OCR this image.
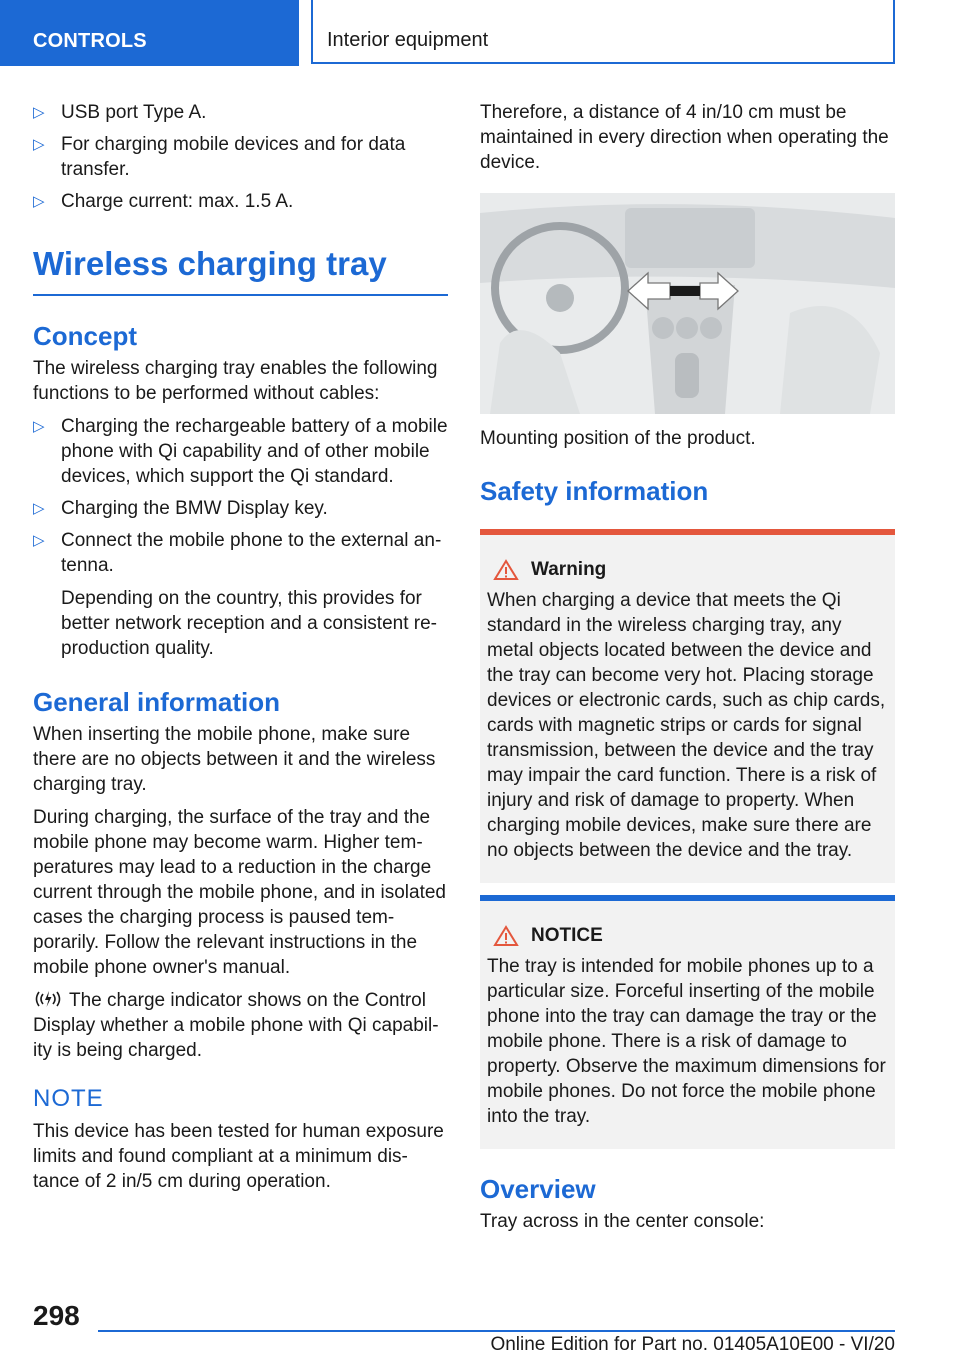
CONTROLS	Interior equipment
▷ USB port Type A.
▷ For charging mobile devices and for data transfer.
▷ Charge current: max. 1.5 A.
Wireless charging tray
Concept

The wireless charging tray enables the following functions to be performed without cables:

▷ Charging the rechargeable battery of a mobile phone with Qi capability and of other mobile devices, which support the Qi standard.
▷ Charging the BMW Display key.
▷ Connect the mobile phone to the external antenna.
Depending on the country, this provides for better network reception and a consistent reproduction quality.
General information

When inserting the mobile phone, make sure there are no objects between it and the wireless charging tray.

During charging, the surface of the tray and the mobile phone may become warm. Higher temperatures may lead to a reduction in the charge current through the mobile phone, and in isolated cases the charging process is paused temporarily. Follow the relevant instructions in the mobile phone owner's manual.

The charge indicator shows on the Control Display whether a mobile phone with Qi capability is being charged.

NOTE

This device has been tested for human exposure limits and found compliant at a minimum distance of 2 in/5 cm during operation.

Therefore, a distance of 4 in/10 cm must be maintained in every direction when operating the device.

Mounting position of the product.

Safety information
Warning
When charging a device that meets the Qi standard in the wireless charging tray, any metal objects located between the device and the tray can become very hot. Placing storage devices or electronic cards, such as chip cards, cards with magnetic strips or cards for signal transmission, between the device and the tray may impair the card function. There is a risk of injury and risk of damage to property. When charging mobile devices, make sure there are no objects between the device and the tray.
NOTICE
The tray is intended for mobile phones up to a particular size. Forceful inserting of the mobile phone into the tray can damage the tray or the mobile phone. There is a risk of damage to property. Observe the maximum dimensions for mobile phones. Do not force the mobile phone into the tray.
Overview

Tray across in the center console:

298
Online Edition for Part no. 01405A10E00 - VI/20
